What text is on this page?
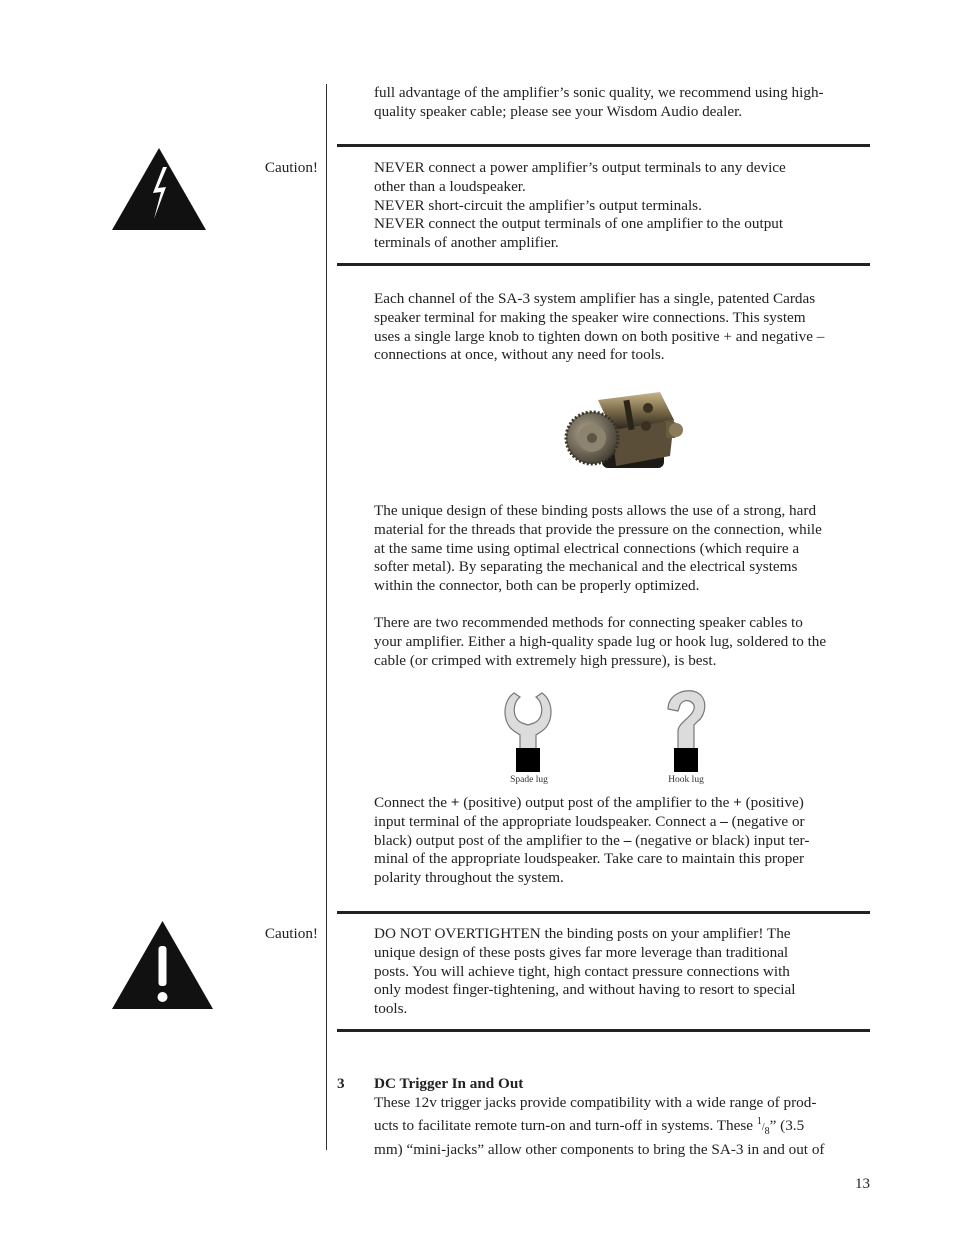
full advantage of the amplifier’s sonic quality, we recommend using high-
quality speaker cable; please see your Wisdom Audio dealer.
Caution!	NEVER connect a power amplifier’s output terminals to any device
other than a loudspeaker.
NEVER short-circuit the amplifier’s output terminals.
NEVER connect the output terminals of one amplifier to the output
terminals of another amplifier.
Each channel of the SA-3 system amplifier has a single, patented Cardas
speaker terminal for making the speaker wire connections. This system
uses a single large knob to tighten down on both positive + and negative –
connections at once, without any need for tools.
The unique design of these binding posts allows the use of a strong, hard
material for the threads that provide the pressure on the connection, while
at the same time using optimal electrical connections (which require a
softer metal). By separating the mechanical and the electrical systems
within the connector, both can be properly optimized.
There are two recommended methods for connecting speaker cables to
your amplifier. Either a high-quality spade lug or hook lug, soldered to the
cable (or crimped with extremely high pressure), is best.
Spade lug	Hook lug
Connect the + (positive) output post of the amplifier to the + (positive)
input terminal of the appropriate loudspeaker. Connect a – (negative or
black) output post of the amplifier to the – (negative or black) input ter-
minal of the appropriate loudspeaker. Take care to maintain this proper
polarity throughout the system.
Caution!	DO NOT OVERTIGHTEN the binding posts on your amplifier! The
unique design of these posts gives far more leverage than traditional
posts. You will achieve tight, high contact pressure connections with
only modest finger-tightening, and without having to resort to special
tools.
3 DC Trigger In and Out
These 12v trigger jacks provide compatibility with a wide range of prod-
ucts to facilitate remote turn-on and turn-off in systems. These $^1/_8$” (3.5
mm) “mini-jacks” allow other components to bring the SA-3 in and out of
13
